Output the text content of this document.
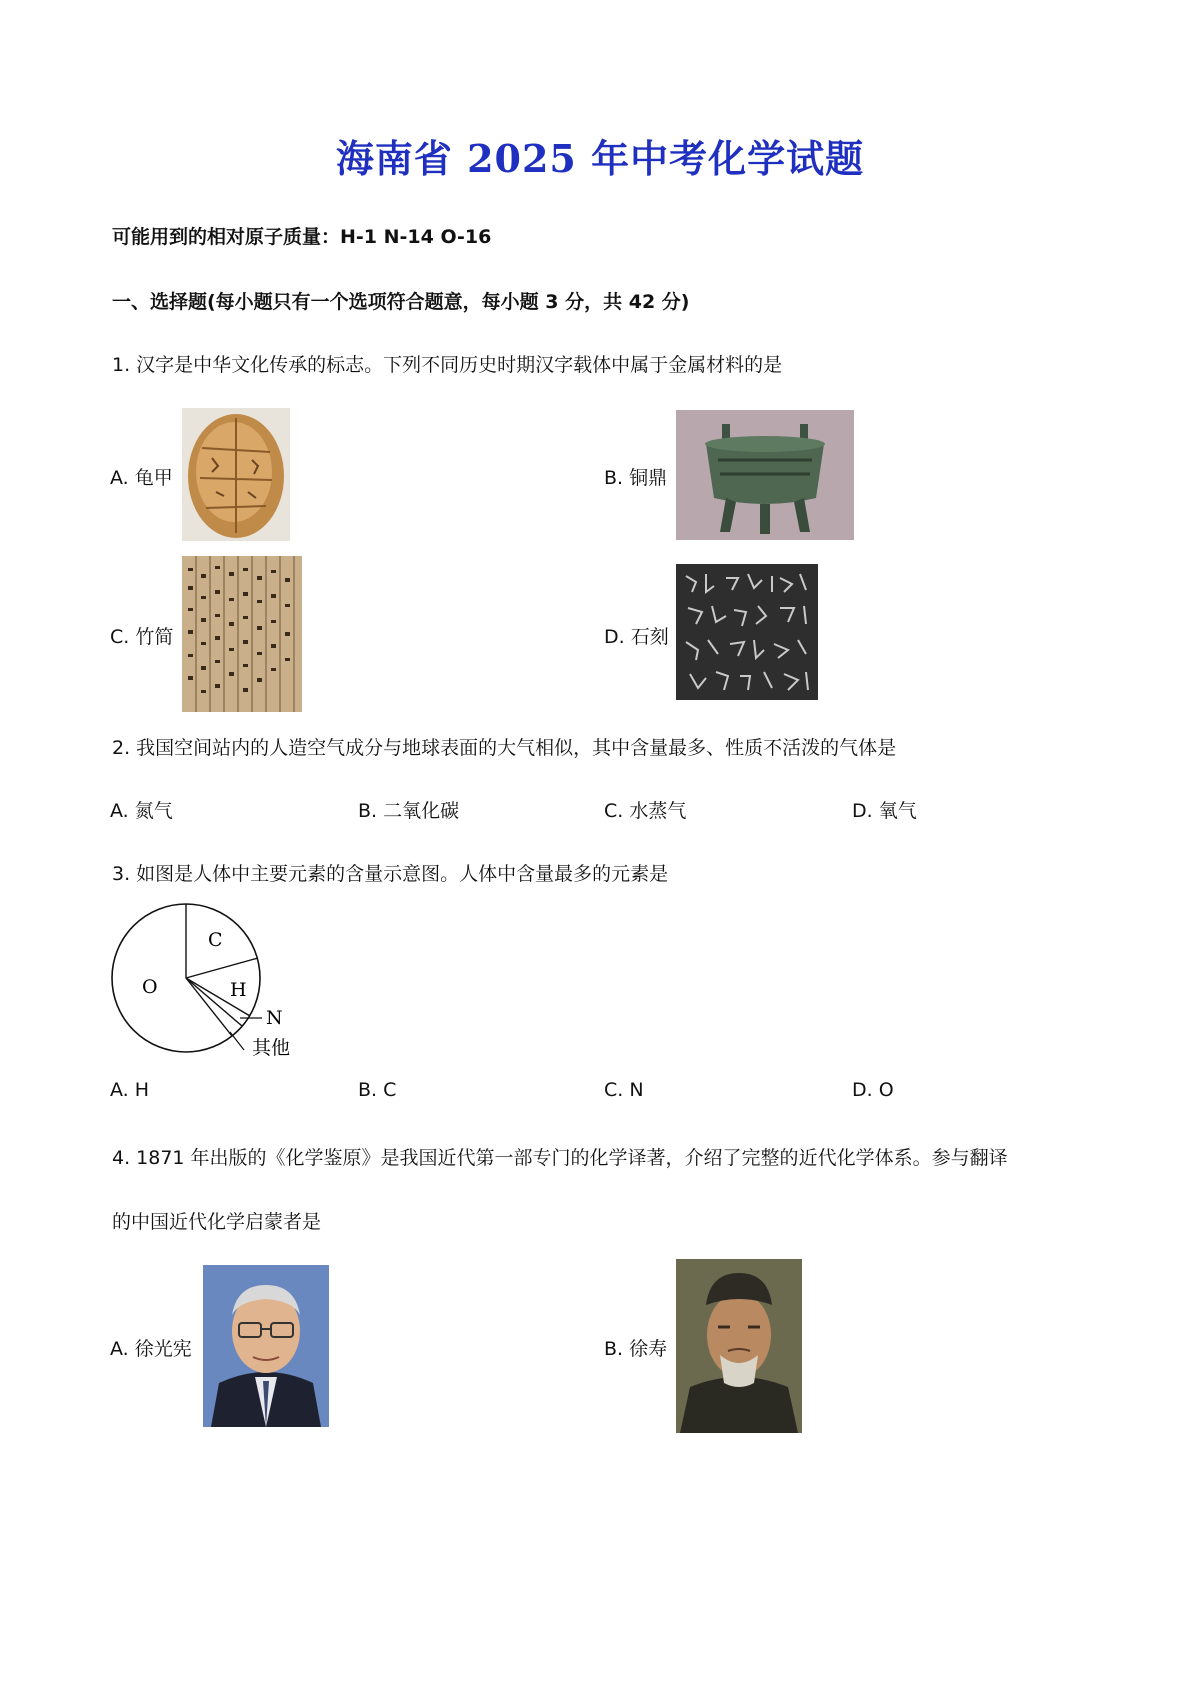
海南省 2025 年中考化学试题
可能用到的相对原子质量：H-1 N-14 O-16
一、选择题(每小题只有一个选项符合题意，每小题 3 分，共 42 分)
1. 汉字是中华文化传承的标志。下列不同历史时期汉字载体中属于金属材料的是
A. 龟甲	B. 铜鼎
C. 竹简	D. 石刻
2. 我国空间站内的人造空气成分与地球表面的大气相似，其中含量最多、性质不活泼的气体是
A. 氮气	B. 二氧化碳	C. 水蒸气	D. 氧气
3. 如图是人体中主要元素的含量示意图。人体中含量最多的元素是
C
H
O
N
其他
A. H	B. C	C. N	D. O
4. 1871 年出版的《化学鉴原》是我国近代第一部专门的化学译著，介绍了完整的近代化学体系。参与翻译
的中国近代化学启蒙者是
A. 徐光宪	B. 徐寿
